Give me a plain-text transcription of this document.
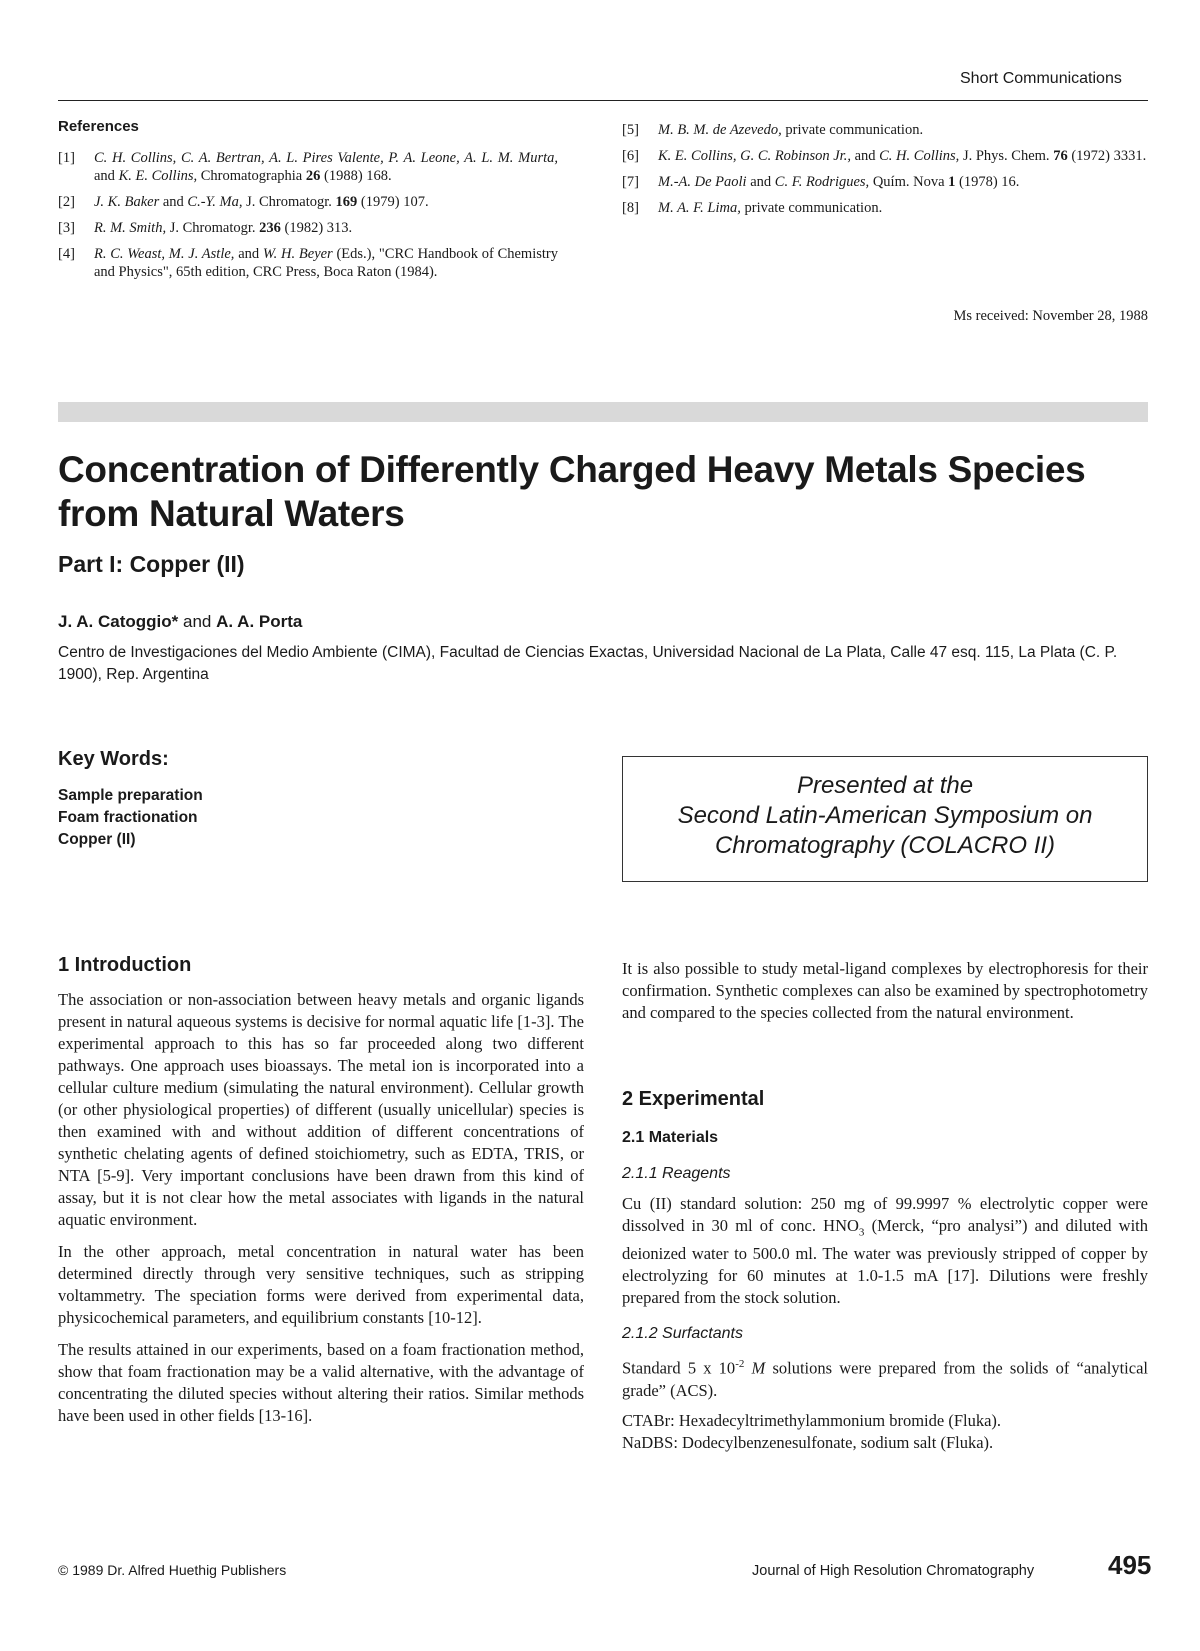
Short Communications
References
[1]	C. H. Collins, C. A. Bertran, A. L. Pires Valente, P. A. Leone, A. L. M. Murta, and K. E. Collins, Chromatographia 26 (1988) 168.
[2]	J. K. Baker and C.-Y. Ma, J. Chromatogr. 169 (1979) 107.
[3]	R. M. Smith, J. Chromatogr. 236 (1982) 313.
[4]	R. C. Weast, M. J. Astle, and W. H. Beyer (Eds.), "CRC Handbook of Chemistry and Physics", 65th edition, CRC Press, Boca Raton (1984).
[5]	M. B. M. de Azevedo, private communication.
[6]	K. E. Collins, G. C. Robinson Jr., and C. H. Collins, J. Phys. Chem. 76 (1972) 3331.
[7]	M.-A. De Paoli and C. F. Rodrigues, Quím. Nova 1 (1978) 16.
[8]	M. A. F. Lima, private communication.
Ms received: November 28, 1988
Concentration of Differently Charged Heavy Metals Species from Natural Waters
Part I: Copper (II)
J. A. Catoggio* and A. A. Porta
Centro de Investigaciones del Medio Ambiente (CIMA), Facultad de Ciencias Exactas, Universidad Nacional de La Plata, Calle 47 esq. 115, La Plata (C. P. 1900), Rep. Argentina
Key Words:
Sample preparation
Foam fractionation
Copper (II)
Presented at the
Second Latin-American Symposium on
Chromatography (COLACRO II)
1 Introduction

The association or non-association between heavy metals and organic ligands present in natural aqueous systems is decisive for normal aquatic life [1-3]. The experimental approach to this has so far proceeded along two different pathways. One approach uses bioassays. The metal ion is incorporated into a cellular culture medium (simulating the natural environment). Cellular growth (or other physiological properties) of different (usually unicellular) species is then examined with and without addition of different concentrations of synthetic chelating agents of defined stoichiometry, such as EDTA, TRIS, or NTA [5-9]. Very important conclusions have been drawn from this kind of assay, but it is not clear how the metal associates with ligands in the natural aquatic environment.

In the other approach, metal concentration in natural water has been determined directly through very sensitive techniques, such as stripping voltammetry. The speciation forms were derived from experimental data, physicochemical parameters, and equilibrium constants [10-12].

The results attained in our experiments, based on a foam fractionation method, show that foam fractionation may be a valid alternative, with the advantage of concentrating the diluted species without altering their ratios. Similar methods have been used in other fields [13-16].

It is also possible to study metal-ligand complexes by electrophoresis for their confirmation. Synthetic complexes can also be examined by spectrophotometry and compared to the species collected from the natural environment.

2 Experimental
2.1 Materials
2.1.1 Reagents

Cu (II) standard solution: 250 mg of 99.9997 % electrolytic copper were dissolved in 30 ml of conc. $HNO_3$ (Merck, “pro analysi”) and diluted with deionized water to 500.0 ml. The water was previously stripped of copper by electrolyzing for 60 minutes at 1.0-1.5 mA [17]. Dilutions were freshly prepared from the stock solution.

2.1.2 Surfactants

Standard 5 x $10^{-2}$ M solutions were prepared from the solids of “analytical grade” (ACS).

CTABr: Hexadecyltrimethylammonium bromide (Fluka).
NaDBS: Dodecylbenzenesulfonate, sodium salt (Fluka).
© 1989 Dr. Alfred Huethig Publishers	Journal of High Resolution Chromatography	495
